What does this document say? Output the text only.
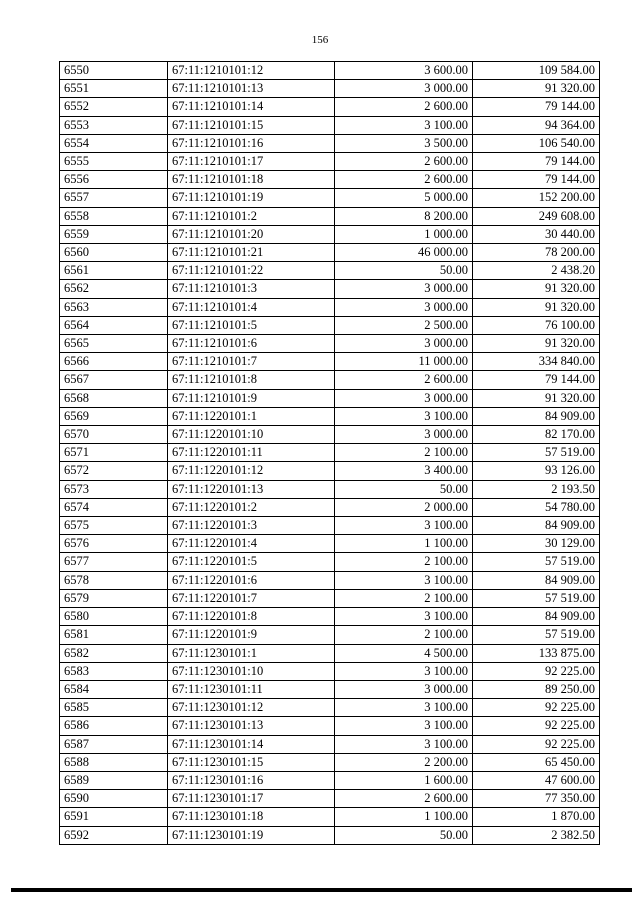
156
6550	67:11:1210101:12	3 600.00	109 584.00
6551	67:11:1210101:13	3 000.00	91 320.00
6552	67:11:1210101:14	2 600.00	79 144.00
6553	67:11:1210101:15	3 100.00	94 364.00
6554	67:11:1210101:16	3 500.00	106 540.00
6555	67:11:1210101:17	2 600.00	79 144.00
6556	67:11:1210101:18	2 600.00	79 144.00
6557	67:11:1210101:19	5 000.00	152 200.00
6558	67:11:1210101:2	8 200.00	249 608.00
6559	67:11:1210101:20	1 000.00	30 440.00
6560	67:11:1210101:21	46 000.00	78 200.00
6561	67:11:1210101:22	50.00	2 438.20
6562	67:11:1210101:3	3 000.00	91 320.00
6563	67:11:1210101:4	3 000.00	91 320.00
6564	67:11:1210101:5	2 500.00	76 100.00
6565	67:11:1210101:6	3 000.00	91 320.00
6566	67:11:1210101:7	11 000.00	334 840.00
6567	67:11:1210101:8	2 600.00	79 144.00
6568	67:11:1210101:9	3 000.00	91 320.00
6569	67:11:1220101:1	3 100.00	84 909.00
6570	67:11:1220101:10	3 000.00	82 170.00
6571	67:11:1220101:11	2 100.00	57 519.00
6572	67:11:1220101:12	3 400.00	93 126.00
6573	67:11:1220101:13	50.00	2 193.50
6574	67:11:1220101:2	2 000.00	54 780.00
6575	67:11:1220101:3	3 100.00	84 909.00
6576	67:11:1220101:4	1 100.00	30 129.00
6577	67:11:1220101:5	2 100.00	57 519.00
6578	67:11:1220101:6	3 100.00	84 909.00
6579	67:11:1220101:7	2 100.00	57 519.00
6580	67:11:1220101:8	3 100.00	84 909.00
6581	67:11:1220101:9	2 100.00	57 519.00
6582	67:11:1230101:1	4 500.00	133 875.00
6583	67:11:1230101:10	3 100.00	92 225.00
6584	67:11:1230101:11	3 000.00	89 250.00
6585	67:11:1230101:12	3 100.00	92 225.00
6586	67:11:1230101:13	3 100.00	92 225.00
6587	67:11:1230101:14	3 100.00	92 225.00
6588	67:11:1230101:15	2 200.00	65 450.00
6589	67:11:1230101:16	1 600.00	47 600.00
6590	67:11:1230101:17	2 600.00	77 350.00
6591	67:11:1230101:18	1 100.00	1 870.00
6592	67:11:1230101:19	50.00	2 382.50
